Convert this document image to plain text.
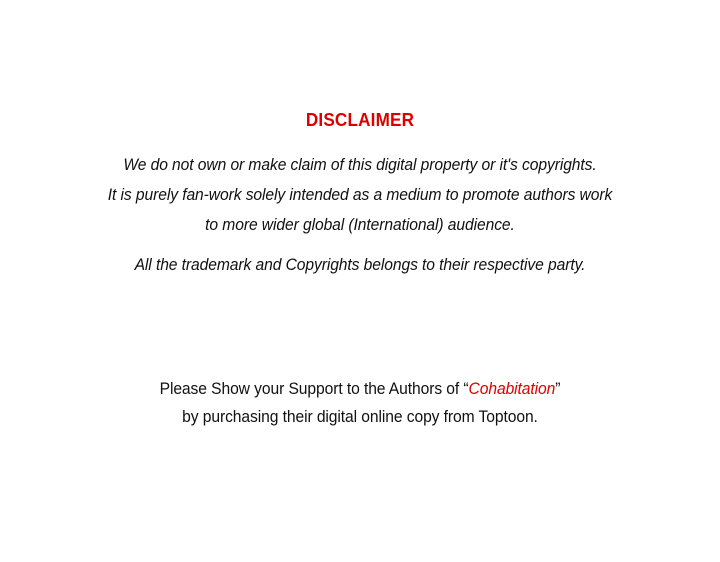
DISCLAIMER
We do not own or make claim of this digital property or it's copyrights.
It is purely fan-work solely intended as a medium to promote authors work
to more wider global (International) audience.
All the trademark and Copyrights belongs to their respective party.
Please Show your Support to the Authors of “Cohabitation”
by purchasing their digital online copy from Toptoon.
